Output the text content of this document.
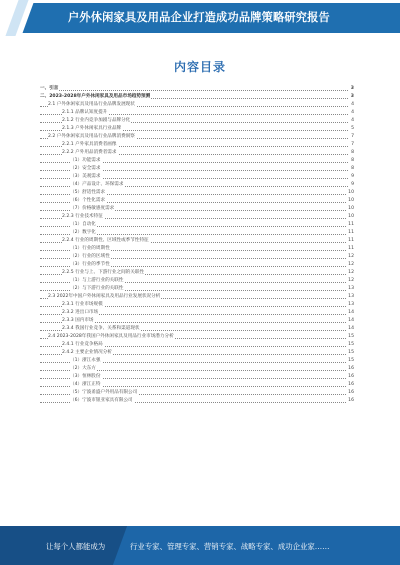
户外休闲家具及用品企业打造成功品牌策略研究报告
内容目录
一、引言	3
二、2023-2028年户外休闲家具及用品市场趋势预测	3
2.1 户外休闲家具及用品行业品牌发展现状	4
2.1.1 品牌认知度提升	4
2.1.2 行业内竞争加剧与品牌分化	4
2.1.3 户外休闲家具行业品牌	5
2.2 户外休闲家具及用品行业品牌消费洞察	7
2.2.1 户外家具消费者画像	7
2.2.2 户外用品消费者需求	8
（1）功能需求	8
（2）安全需求	8
（3）美观需求	9
（4）产品设计、环保需求	9
（5）舒适性需求	10
（6）个性化需求	10
（7）价格敏感度需求	10
2.2.3 行业技术特征	10
（1）自动化	11
（2）数字化	11
2.2.4 行业的周期性、区域性或季节性特征	11
（1）行业的周期性	11
（2）行业的区域性	12
（3）行业的季节性	12
2.2.5 行业与上、下游行业之间的关联性	12
（1）与上游行业的关联性	12
（2）与下游行业的关联性	13
2.3 2022年中国户外休闲家具及用品行业发展状况分析	13
2.3.1 行业市场规模	13
2.3.2 进出口市场	14
2.3.3 国内市场	14
2.3.4 我国行业竞争、关系和渠道现状	14
2.4 2023-2028年我国户外休闲家具及用品行业市场潜力分析	15
2.4.1 行业竞争格局	15
2.4.2 主要企业情况分析	15
（1）浙江永强	15
（2）大东方	16
（3）恒林股份	16
（4）浙江正特	16
（5）宁波甬盛户外用品有限公司	16
（6）宁波市银亚家具有限公司	16
让每个人都能成为	行业专家、管理专家、营销专家、战略专家、成功企业家……
